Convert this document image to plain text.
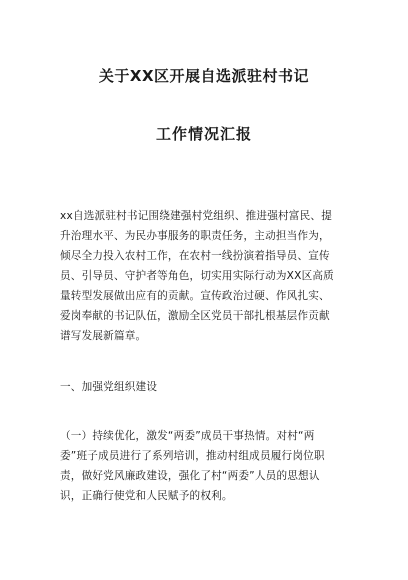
关于XX区开展自选派驻村书记
工作情况汇报
xx自选派驻村书记围绕建强村党组织、推进强村富民、提
升治理水平、为民办事服务的职责任务，主动担当作为，
倾尽全力投入农村工作，在农村一线扮演着指导员、宣传
员、引导员、守护者等角色，切实用实际行动为XX区高质
量转型发展做出应有的贡献。宣传政治过硬、作风扎实、
爱岗奉献的书记队伍，激励全区党员干部扎根基层作贡献
谱写发展新篇章。
一、加强党组织建设
（一）持续优化，激发“两委”成员干事热情。对村“两
委”班子成员进行了系列培训，推动村组成员履行岗位职
责，做好党风廉政建设，强化了村“两委”人员的思想认
识，正确行使党和人民赋予的权利。
